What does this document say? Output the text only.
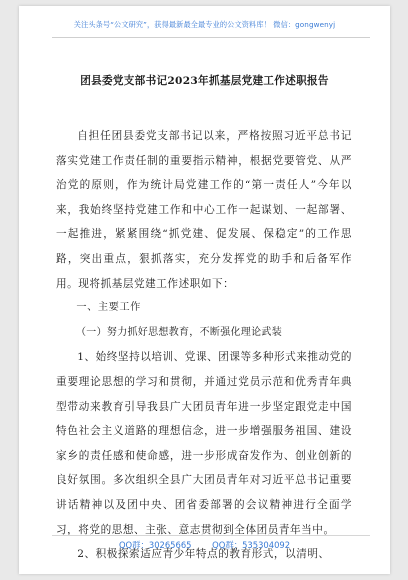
关注头条号“公文研究”，获得最新最全最专业的公文资料库！ 微信：gongwenyj
团县委党支部书记2023年抓基层党建工作述职报告

自担任团县委党支部书记以来，严格按照习近平总书记落实党建工作责任制的重要指示精神，根据党要管党、从严治党的原则，作为统计局党建工作的“第一责任人”今年以来，我始终坚持党建工作和中心工作一起谋划、一起部署、一起推进，紧紧围绕“抓党建、促发展、保稳定”的工作思路，突出重点，狠抓落实，充分发挥党的助手和后备军作用。现将抓基层党建工作述职如下：

一、主要工作

（一）努力抓好思想教育，不断强化理论武装

1、始终坚持以培训、党课、团课等多种形式来推动党的重要理论思想的学习和贯彻，并通过党员示范和优秀青年典型带动来教育引导我县广大团员青年进一步坚定跟党走中国特色社会主义道路的理想信念，进一步增强服务祖国、建设家乡的责任感和使命感，进一步形成奋发作为、创业创新的良好氛围。多次组织全县广大团员青年对习近平总书记重要讲话精神以及团中央、团省委部署的会议精神进行全面学习，将党的思想、主张、意志贯彻到全体团员青年当中。

2、积极探索适应青少年特点的教育形式，以清明、

QQ群：30265665 QQ群：535304092
